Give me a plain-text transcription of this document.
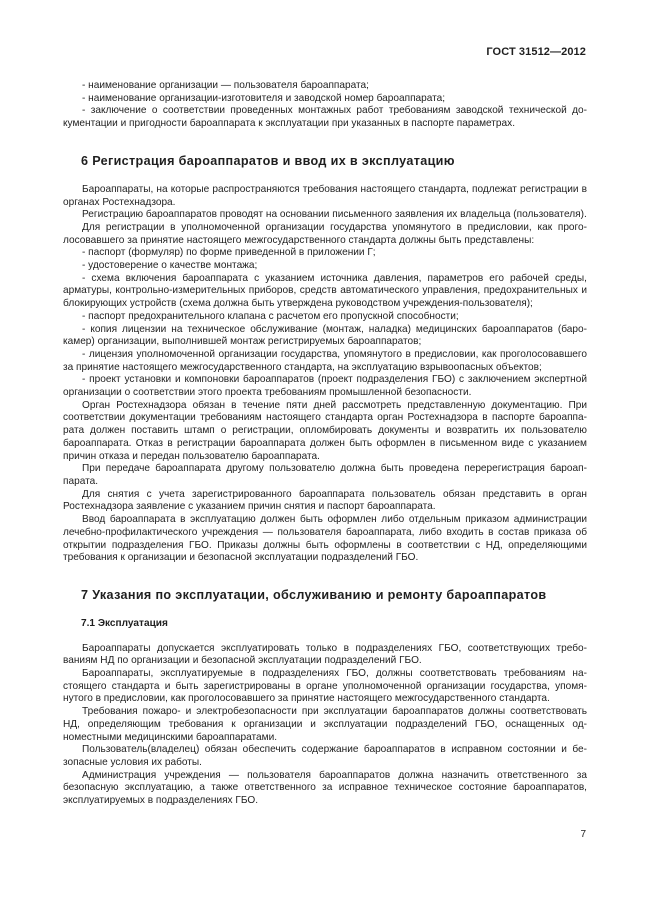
ГОСТ 31512—2012

- наименование организации — пользователя бароаппарата;

- наименование организации-изготовителя и заводской номер бароаппарата;

- заключение о соответствии проведенных монтажных работ требованиям заводской технической документации и пригодности бароаппарата к эксплуатации при указанных в паспорте параметрах.

6 Регистрация бароаппаратов и ввод их в эксплуатацию

Бароаппараты, на которые распространяются требования настоящего стандарта, подлежат регистрации в органах Ростехнадзора.

Регистрацию бароаппаратов проводят на основании письменного заявления их владельца (пользователя).

Для регистрации в уполномоченной организации государства упомянутого в предисловии, как проголосовавшего за принятие настоящего межгосударственного стандарта должны быть представлены:

- паспорт (формуляр) по форме приведенной в приложении Г;

- удостоверение о качестве монтажа;

- схема включения бароаппарата с указанием источника давления, параметров его рабочей среды, арматуры, контрольно-измерительных приборов, средств автоматического управления, предохранительных и блокирующих устройств (схема должна быть утверждена руководством учреждения-пользователя);

- паспорт предохранительного клапана с расчетом его пропускной способности;

- копия лицензии на техническое обслуживание (монтаж, наладка) медицинских бароаппаратов (барокамер) организации, выполнившей монтаж регистрируемых бароаппаратов;

- лицензия уполномоченной организации государства, упомянутого в предисловии, как проголосовавшего за принятие настоящего межгосударственного стандарта, на эксплуатацию взрывоопасных объектов;

- проект установки и компоновки бароаппаратов (проект подразделения ГБО) с заключением экспертной организации о соответствии этого проекта требованиям промышленной безопасности.

Орган Ростехнадзора обязан в течение пяти дней рассмотреть представленную документацию. При соответствии документации требованиям настоящего стандарта орган Ростехнадзора в паспорте бароаппарата должен поставить штамп о регистрации, опломбировать документы и возвратить их пользователю бароаппарата. Отказ в регистрации бароаппарата должен быть оформлен в письменном виде с указанием причин отказа и передан пользователю бароаппарата.

При передаче бароаппарата другому пользователю должна быть проведена перерегистрация бароаппарата.

Для снятия с учета зарегистрированного бароаппарата пользователь обязан представить в орган Ростехнадзора заявление с указанием причин снятия и паспорт бароаппарата.

Ввод бароаппарата в эксплуатацию должен быть оформлен либо отдельным приказом администрации лечебно-профилактического учреждения — пользователя бароаппарата, либо входить в состав приказа об открытии подразделения ГБО. Приказы должны быть оформлены в соответствии с НД, определяющими требования к организации и безопасной эксплуатации подразделений ГБО.

7 Указания по эксплуатации, обслуживанию и ремонту бароаппаратов
7.1 Эксплуатация

Бароаппараты допускается эксплуатировать только в подразделениях ГБО, соответствующих требованиям НД по организации и безопасной эксплуатации подразделений ГБО.

Бароаппараты, эксплуатируемые в подразделениях ГБО, должны соответствовать требованиям настоящего стандарта и быть зарегистрированы в органе уполномоченной организации государства, упомянутого в предисловии, как проголосовавшего за принятие настоящего межгосударственного стандарта.

Требования пожаро- и электробезопасности при эксплуатации бароаппаратов должны соответствовать НД, определяющим требования к организации и эксплуатации подразделений ГБО, оснащенных одноместными медицинскими бароаппаратами.

Пользователь(владелец) обязан обеспечить содержание бароаппаратов в исправном состоянии и безопасные условия их работы.

Администрация учреждения — пользователя бароаппаратов должна назначить ответственного за безопасную эксплуатацию, а также ответственного за исправное техническое состояние бароаппаратов, эксплуатируемых в подразделениях ГБО.

7
